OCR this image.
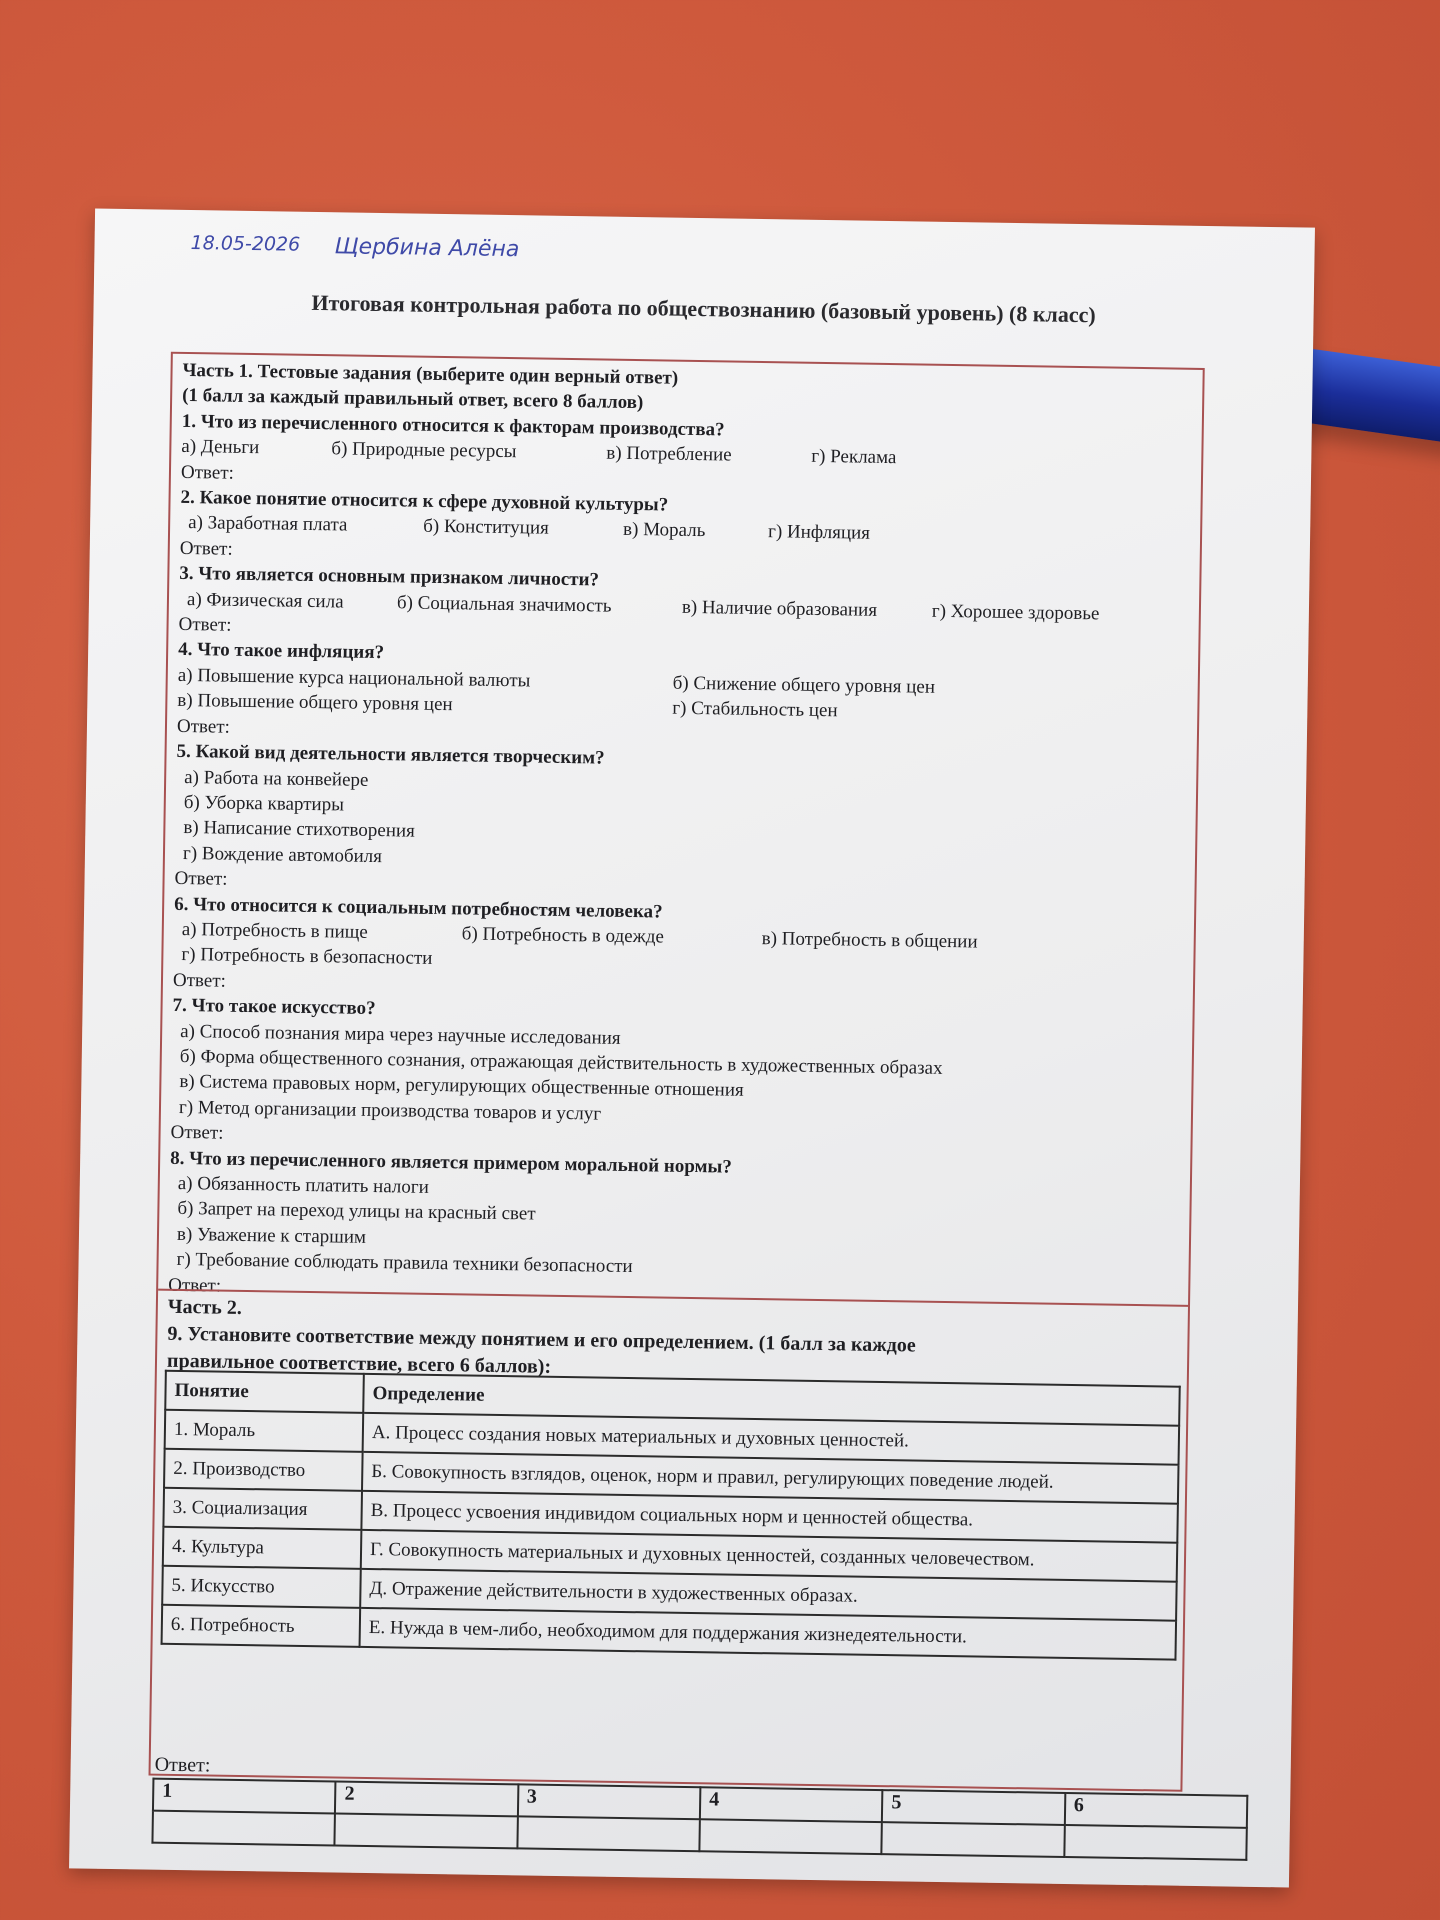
18.05-2026 Щербина Алёна
Итоговая контрольная работа по обществознанию (базовый уровень) (8 класс)
Часть 1. Тестовые задания (выберите один верный ответ)
(1 балл за каждый правильный ответ, всего 8 баллов)
1. Что из перечисленного относится к факторам производства?
а) Деньги	б) Природные ресурсы	в) Потребление	г) Реклама
Ответ:
2. Какое понятие относится к сфере духовной культуры?
а) Заработная плата	б) Конституция	в) Мораль	г) Инфляция
Ответ:
3. Что является основным признаком личности?
а) Физическая сила	б) Социальная значимость	в) Наличие образования	г) Хорошее здоровье
Ответ:
4. Что такое инфляция?
а) Повышение курса национальной валюты	б) Снижение общего уровня цен
в) Повышение общего уровня цен	г) Стабильность цен
Ответ:
5. Какой вид деятельности является творческим?
а) Работа на конвейере
б) Уборка квартиры
в) Написание стихотворения
г) Вождение автомобиля
Ответ:
6. Что относится к социальным потребностям человека?
а) Потребность в пище	б) Потребность в одежде	в) Потребность в общении
г) Потребность в безопасности
Ответ:
7. Что такое искусство?
а) Способ познания мира через научные исследования
б) Форма общественного сознания, отражающая действительность в художественных образах
в) Система правовых норм, регулирующих общественные отношения
г) Метод организации производства товаров и услуг
Ответ:
8. Что из перечисленного является примером моральной нормы?
а) Обязанность платить налоги
б) Запрет на переход улицы на красный свет
в) Уважение к старшим
г) Требование соблюдать правила техники безопасности
Ответ:
Часть 2.
9. Установите соответствие между понятием и его определением. (1 балл за каждое
правильное соответствие, всего 6 баллов):
Понятие	Определение
1. Мораль	А. Процесс создания новых материальных и духовных ценностей.
2. Производство	Б. Совокупность взглядов, оценок, норм и правил, регулирующих поведение людей.
3. Социализация	В. Процесс усвоения индивидом социальных норм и ценностей общества.
4. Культура	Г. Совокупность материальных и духовных ценностей, созданных человечеством.
5. Искусство	Д. Отражение действительности в художественных образах.
6. Потребность	Е. Нужда в чем-либо, необходимом для поддержания жизнедеятельности.
Ответ:
1	2	3	4	5	6
